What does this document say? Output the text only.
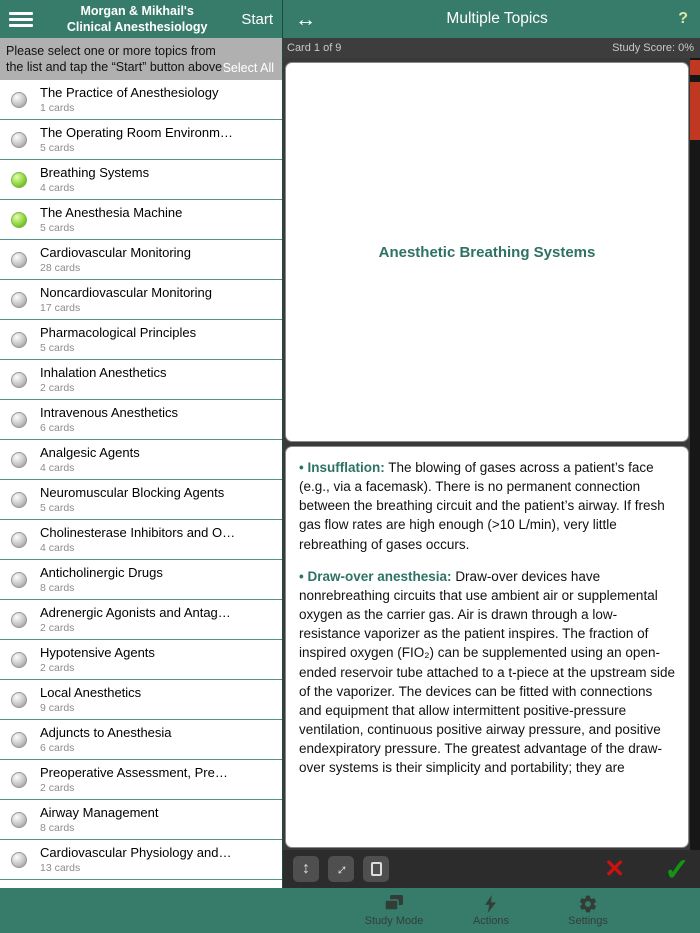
Morgan & Mikhail's
Clinical Anesthesiology	Start
Please select one or more topics from the list and tap the “Start” button above.
Select All
The Practice of Anesthesiology
1 cards
The Operating Room Environm…
5 cards
Breathing Systems
4 cards
The Anesthesia Machine
5 cards
Cardiovascular Monitoring
28 cards
Noncardiovascular Monitoring
17 cards
Pharmacological Principles
5 cards
Inhalation Anesthetics
2 cards
Intravenous Anesthetics
6 cards
Analgesic Agents
4 cards
Neuromuscular Blocking Agents
5 cards
Cholinesterase Inhibitors and O…
4 cards
Anticholinergic Drugs
8 cards
Adrenergic Agonists and Antag…
2 cards
Hypotensive Agents
2 cards
Local Anesthetics
9 cards
Adjuncts to Anesthesia
6 cards
Preoperative Assessment, Pre…
2 cards
Airway Management
8 cards
Cardiovascular Physiology and…
13 cards
↔	Multiple Topics	?
Card 1 of 9	Study Score: 0%
Anesthetic Breathing Systems

• Insufflation: The blowing of gases across a patient’s face (e.g., via a facemask). There is no permanent connection between the breathing circuit and the patient’s airway. If fresh gas flow rates are high enough (>10 L/min), very little rebreathing of gases occurs.

• Draw-over anesthesia: Draw-over devices have nonrebreathing circuits that use ambient air or supplemental oxygen as the carrier gas. Air is drawn through a low-resistance vaporizer as the patient inspires. The fraction of inspired oxygen (FIO₂) can be supplemented using an open-ended reservoir tube attached to a t-piece at the upstream side of the vaporizer. The devices can be fitted with connections and equipment that allow intermittent positive-pressure ventilation, continuous positive airway pressure, and positive endexpiratory pressure. The greatest advantage of the draw-over systems is their simplicity and portability; they are

↕ ↔	✕ ✓
Study Mode	Actions	Settings
